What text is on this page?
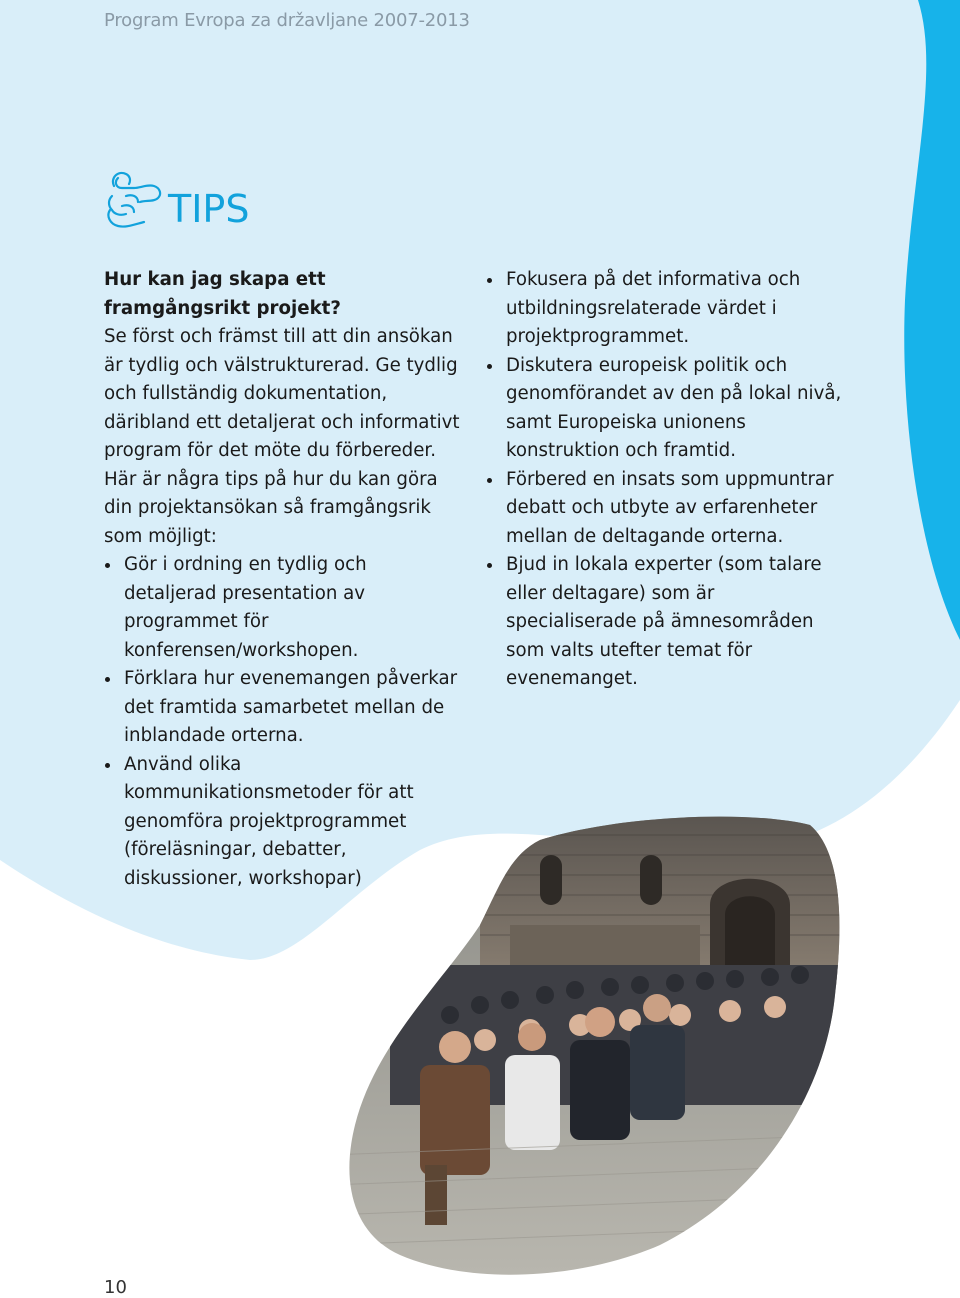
Program Evropa za državljane 2007-2013
TIPS

Hur kan jag skapa ett framgångsrikt projekt?

Se först och främst till att din ansökan är tydlig och välstrukturerad. Ge tydlig och fullständig dokumentation, däribland ett detaljerat och informativt program för det möte du förbereder. Här är några tips på hur du kan göra din projektansökan så framgångsrik som möjligt:

Gör i ordning en tydlig och detaljerad presentation av programmet för konferensen/workshopen.
Förklara hur evenemangen påverkar det framtida samarbetet mellan de inblandade orterna.
Använd olika kommunikationsmetoder för att genomföra projektprogrammet (föreläsningar, debatter, diskussioner, workshopar)
Fokusera på det informativa och utbildningsrelaterade värdet i projektprogrammet.
Diskutera europeisk politik och genomförandet av den på lokal nivå, samt Europeiska unionens konstruktion och framtid.
Förbered en insats som uppmuntrar debatt och utbyte av erfarenheter mellan de deltagande orterna.
Bjud in lokala experter (som talare eller deltagare) som är specialiserade på ämnesområden som valts utefter temat för evenemanget.
10
